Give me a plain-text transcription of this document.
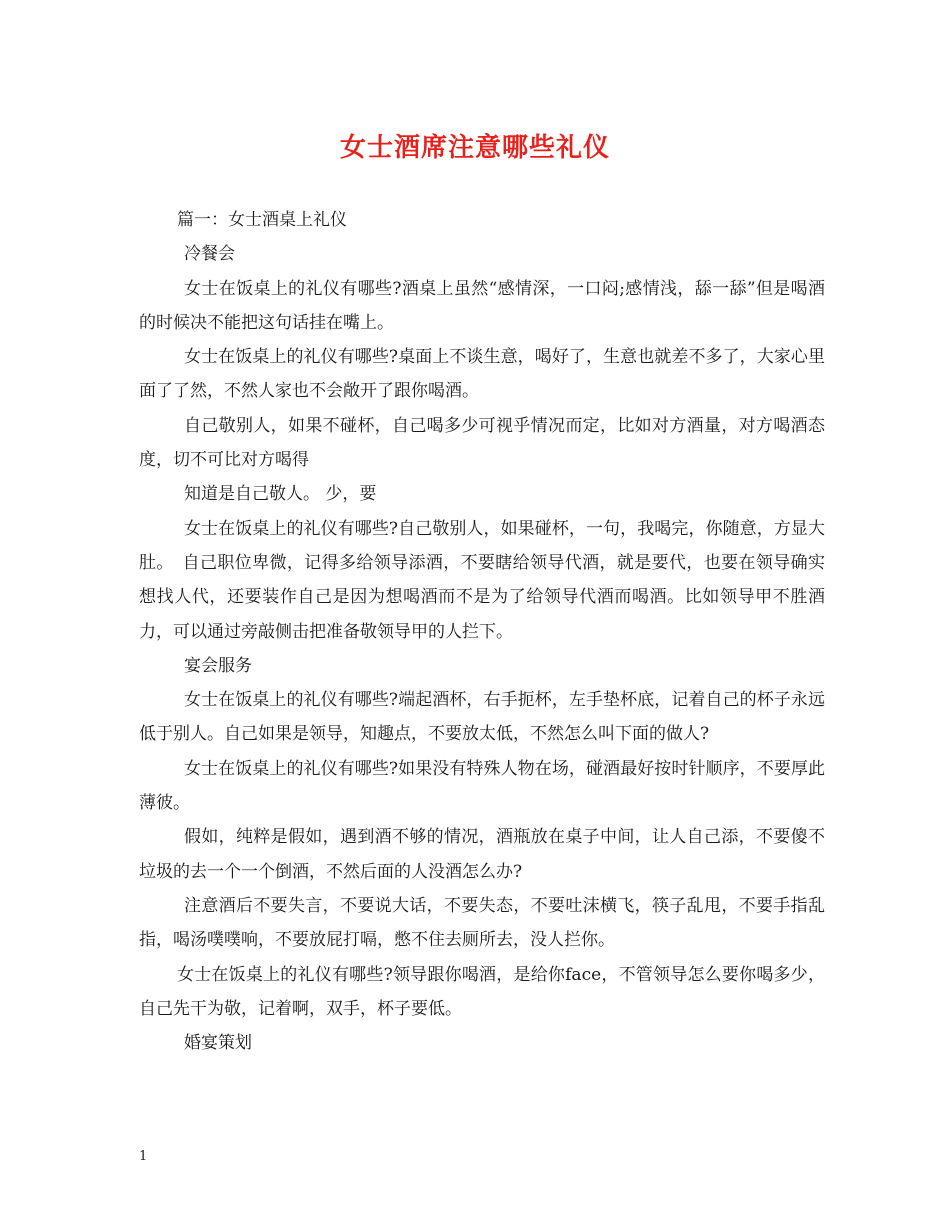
女士酒席注意哪些礼仪

篇一：女士酒桌上礼仪

冷餐会

女士在饭桌上的礼仪有哪些?酒桌上虽然“感情深，一口闷;感情浅，舔一舔”但是喝酒的时候决不能把这句话挂在嘴上。

女士在饭桌上的礼仪有哪些?桌面上不谈生意，喝好了，生意也就差不多了，大家心里面了了然，不然人家也不会敞开了跟你喝酒。

自己敬别人，如果不碰杯，自己喝多少可视乎情况而定，比如对方酒量，对方喝酒态度，切不可比对方喝得

知道是自己敬人。 少，要

女士在饭桌上的礼仪有哪些?自己敬别人，如果碰杯，一句，我喝完，你随意，方显大肚。　自己职位卑微，记得多给领导添酒，不要瞎给领导代酒，就是要代，也要在领导确实想找人代，还要装作自己是因为想喝酒而不是为了给领导代酒而喝酒。比如领导甲不胜酒力，可以通过旁敲侧击把准备敬领导甲的人拦下。

宴会服务

女士在饭桌上的礼仪有哪些?端起酒杯，右手扼杯，左手垫杯底，记着自己的杯子永远低于别人。自己如果是领导，知趣点，不要放太低，不然怎么叫下面的做人?

女士在饭桌上的礼仪有哪些?如果没有特殊人物在场，碰酒最好按时针顺序，不要厚此薄彼。

假如，纯粹是假如，遇到酒不够的情况，酒瓶放在桌子中间，让人自己添，不要傻不垃圾的去一个一个倒酒，不然后面的人没酒怎么办?

注意酒后不要失言，不要说大话，不要失态，不要吐沫横飞，筷子乱甩，不要手指乱指，喝汤噗噗响，不要放屁打嗝，憋不住去厕所去，没人拦你。

女士在饭桌上的礼仪有哪些?领导跟你喝酒，是给你face，不管领导怎么要你喝多少，自己先干为敬，记着啊，双手，杯子要低。

婚宴策划

1
